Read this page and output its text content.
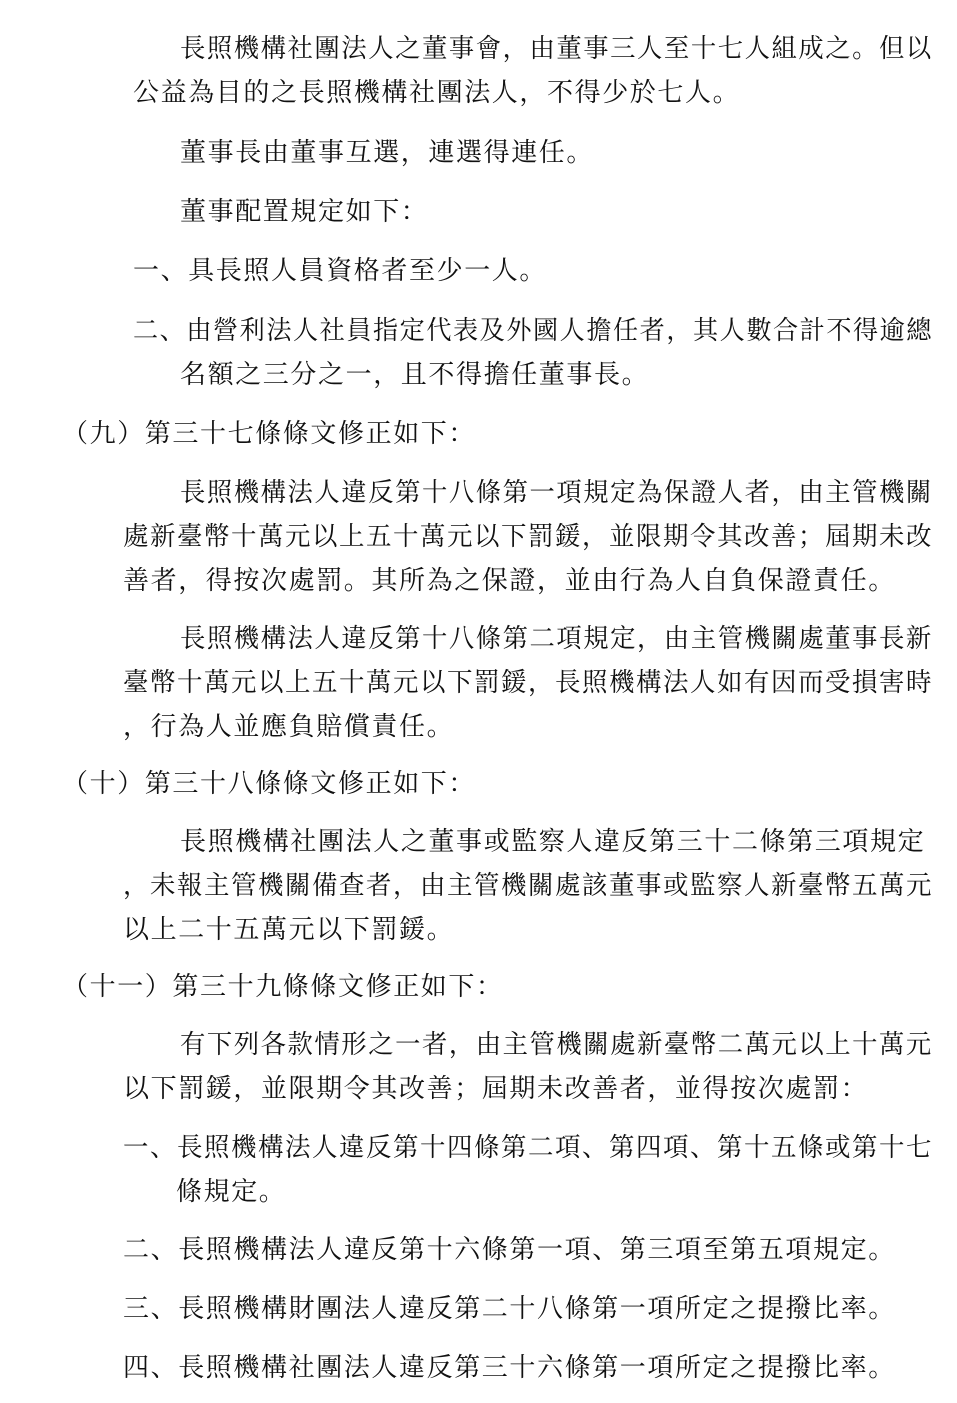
長照機構社團法人之董事會，由董事三人至十七人組成之。但以
公益為目的之長照機構社團法人，不得少於七人。
董事長由董事互選，連選得連任。
董事配置規定如下：
一、具長照人員資格者至少一人。
二、由營利法人社員指定代表及外國人擔任者，其人數合計不得逾總
名額之三分之一，且不得擔任董事長。
（九）第三十七條條文修正如下：
長照機構法人違反第十八條第一項規定為保證人者，由主管機關
處新臺幣十萬元以上五十萬元以下罰鍰，並限期令其改善；屆期未改
善者，得按次處罰。其所為之保證，並由行為人自負保證責任。
長照機構法人違反第十八條第二項規定，由主管機關處董事長新
臺幣十萬元以上五十萬元以下罰鍰，長照機構法人如有因而受損害時
，行為人並應負賠償責任。
（十）第三十八條條文修正如下：
長照機構社團法人之董事或監察人違反第三十二條第三項規定
，未報主管機關備查者，由主管機關處該董事或監察人新臺幣五萬元
以上二十五萬元以下罰鍰。
（十一）第三十九條條文修正如下：
有下列各款情形之一者，由主管機關處新臺幣二萬元以上十萬元
以下罰鍰，並限期令其改善；屆期未改善者，並得按次處罰：
一、長照機構法人違反第十四條第二項、第四項、第十五條或第十七
條規定。
二、長照機構法人違反第十六條第一項、第三項至第五項規定。
三、長照機構財團法人違反第二十八條第一項所定之提撥比率。
四、長照機構社團法人違反第三十六條第一項所定之提撥比率。
